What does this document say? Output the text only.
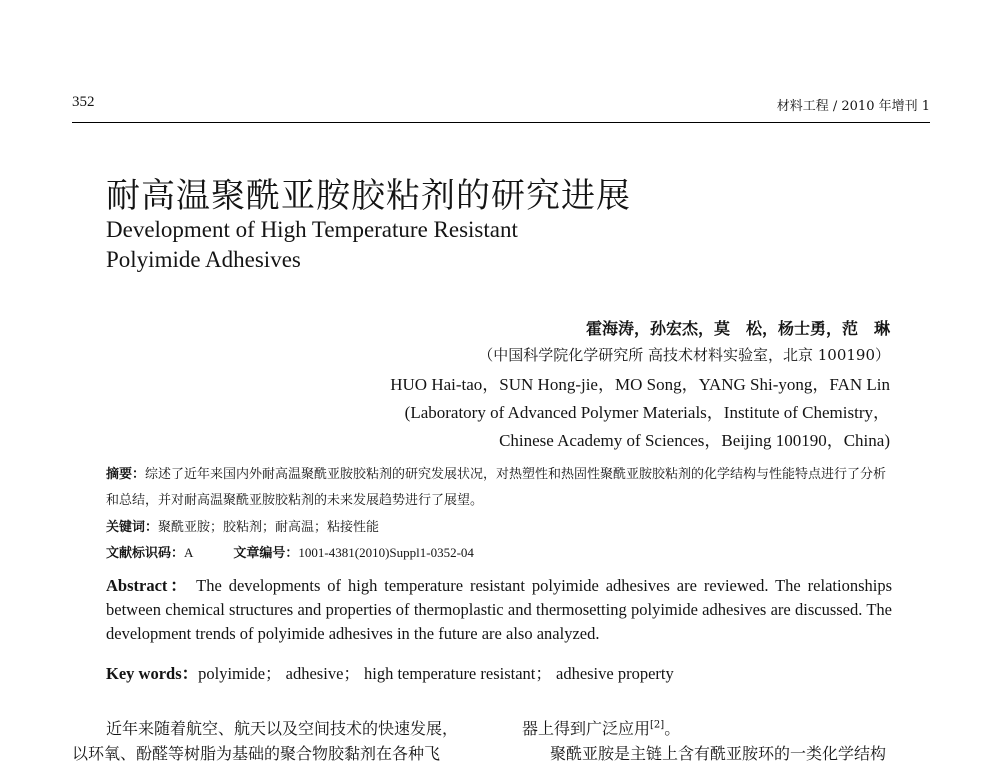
352	材料工程 / 2010 年增刊 1
耐高温聚酰亚胺胶粘剂的研究进展
Development of High Temperature Resistant
Polyimide Adhesives
霍海涛，孙宏杰，莫　松，杨士勇，范　琳
（中国科学院化学研究所 高技术材料实验室，北京 100190）
HUO Hai-tao，SUN Hong-jie，MO Song，YANG Shi-yong，FAN Lin
(Laboratory of Advanced Polymer Materials，Institute of Chemistry，
Chinese Academy of Sciences，Beijing 100190，China)
摘要：综述了近年来国内外耐高温聚酰亚胺胶粘剂的研究发展状况，对热塑性和热固性聚酰亚胺胶粘剂的化学结构与性能特点进行了分析和总结，并对耐高温聚酰亚胺胶粘剂的未来发展趋势进行了展望。
关键词：聚酰亚胺；胶粘剂；耐高温；粘接性能
文献标识码：A	文章编号：1001-4381(2010)Suppl1-0352-04
Abstract： The developments of high temperature resistant polyimide adhesives are reviewed. The relationships between chemical structures and properties of thermoplastic and thermosetting polyimide adhesives are discussed. The development trends of polyimide adhesives in the future are also analyzed.
Key words：polyimide； adhesive； high temperature resistant； adhesive property
近年来随着航空、航天以及空间技术的快速发展，
以环氧、酚醛等树脂为基础的聚合物胶黏剂在各种飞
器上得到广泛应用[2]。
聚酰亚胺是主链上含有酰亚胺环的一类化学结构
